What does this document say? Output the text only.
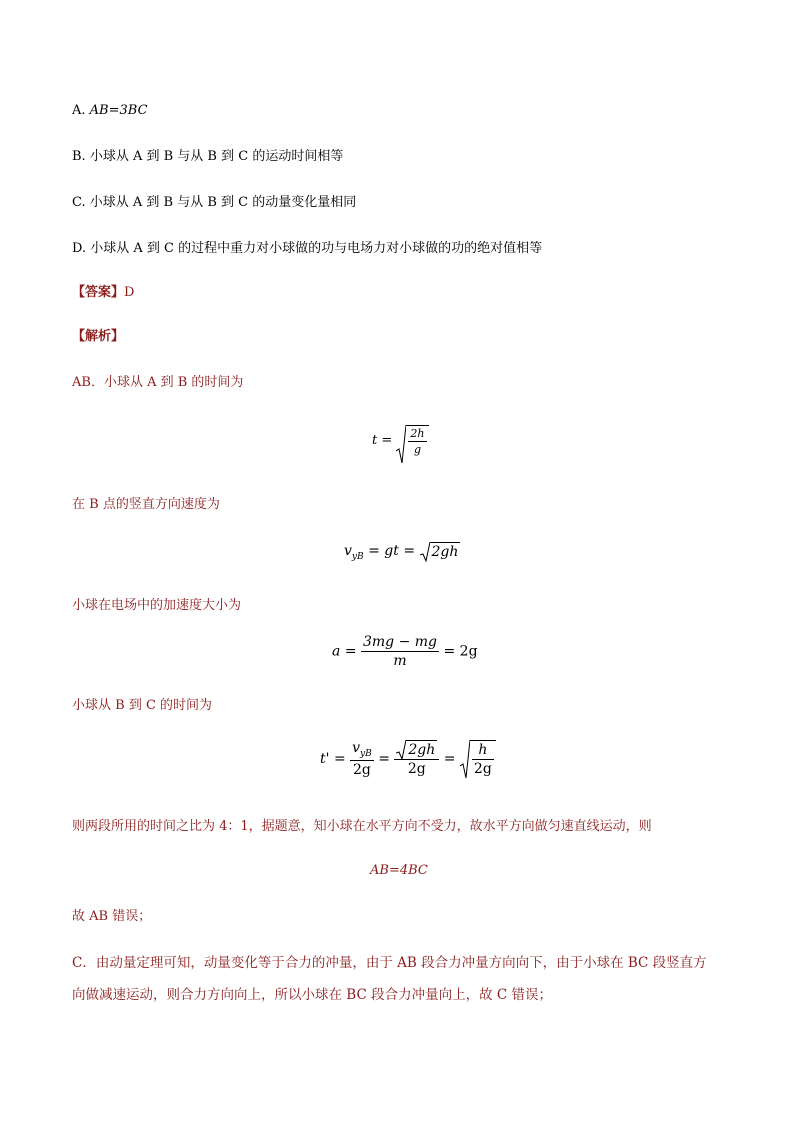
A. AB=3BC
B. 小球从 A 到 B 与从 B 到 C 的运动时间相等
C. 小球从 A 到 B 与从 B 到 C 的动量变化量相同
D. 小球从 A 到 C 的过程中重力对小球做的功与电场力对小球做的功的绝对值相等
【答案】D
【解析】
AB．小球从 A 到 B 的时间为
$t = \frac{2h}{g}$
在 B 点的竖直方向速度为
$v_{yB}$ = gt = 2gh
小球在电场中的加速度大小为
$a = \frac{3mg - mg}{m} = 2g$
小球从 B 到 C 的时间为
$t' = \frac{v_{yB}}{2g} = \frac{2gh}{2g} = \frac{h}{2g}$
则两段所用的时间之比为 4：1，据题意，知小球在水平方向不受力，故水平方向做匀速直线运动，则
AB=4BC
故 AB 错误；
C．由动量定理可知，动量变化等于合力的冲量，由于 AB 段合力冲量方向向下，由于小球在 BC 段竖直方
向做减速运动，则合力方向向上，所以小球在 BC 段合力冲量向上，故 C 错误；
